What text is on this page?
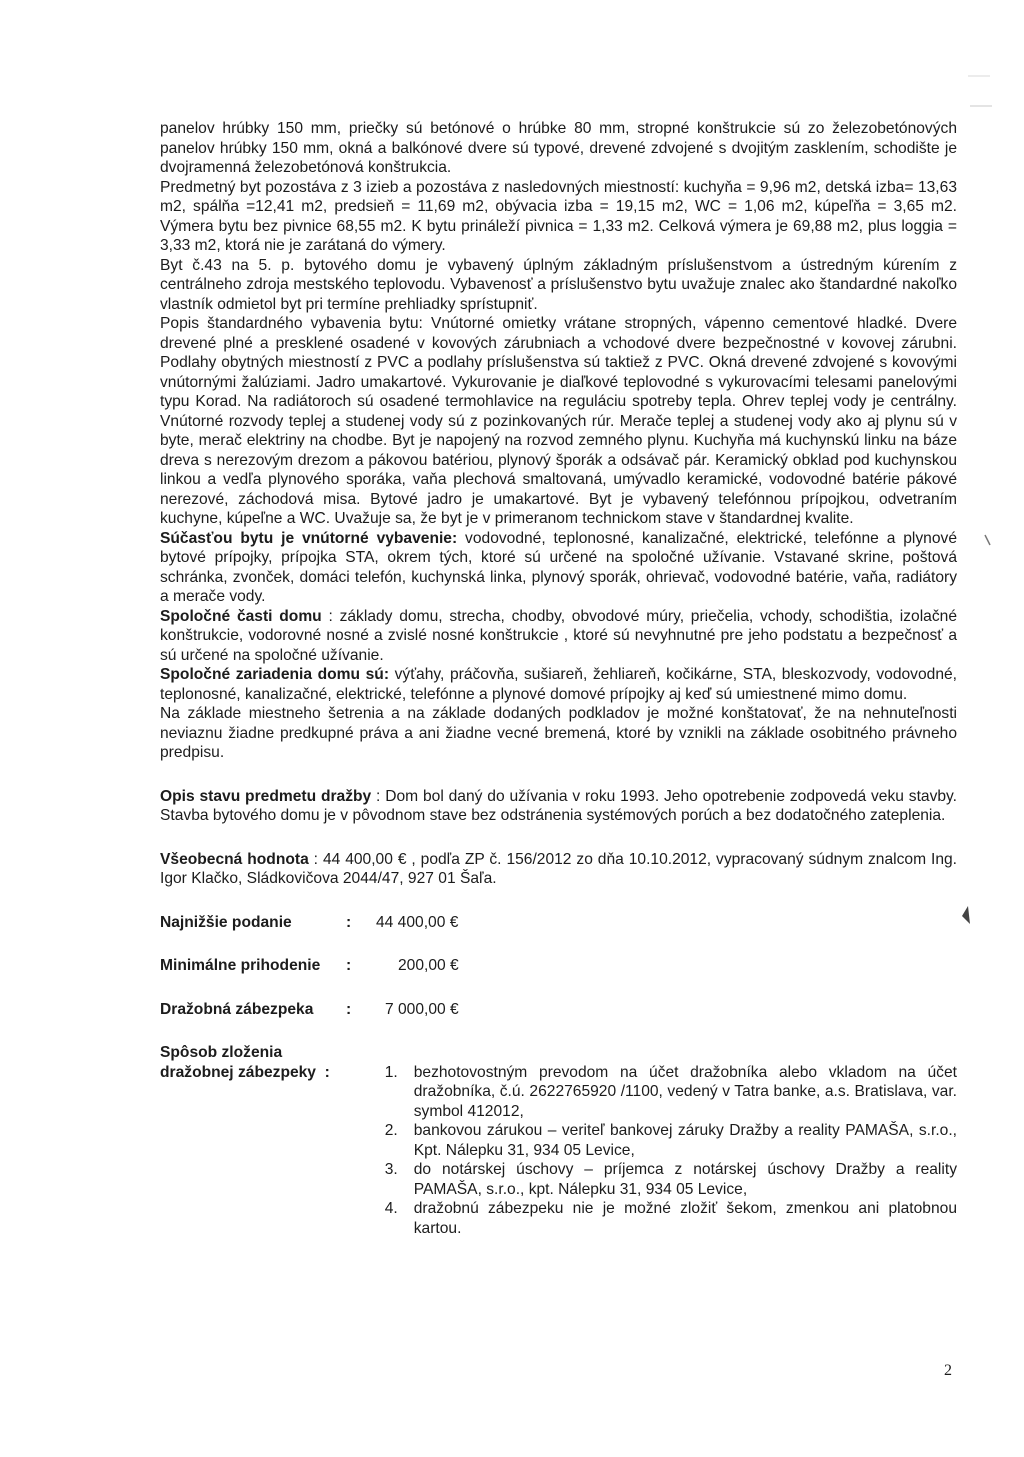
panelov hrúbky 150 mm, priečky sú betónové o hrúbke 80 mm, stropné konštrukcie sú zo železobetónových panelov hrúbky 150 mm, okná a balkónové dvere sú typové, drevené zdvojené s dvojitým zasklením, schodište je dvojramenná železobetónová konštrukcia.

Predmetný byt pozostáva z 3 izieb a pozostáva z nasledovných miestností: kuchyňa = 9,96 m2, detská izba= 13,63 m2, spálňa =12,41 m2, predsieň = 11,69 m2, obývacia izba = 19,15 m2, WC = 1,06 m2, kúpeľňa = 3,65 m2. Výmera bytu bez pivnice 68,55 m2. K bytu prináleží pivnica = 1,33 m2. Celková výmera je 69,88 m2, plus loggia = 3,33 m2, ktorá nie je zarátaná do výmery.

Byt č.43 na 5. p. bytového domu je vybavený úplným základným príslušenstvom a ústredným kúrením z centrálneho zdroja mestského teplovodu. Vybavenosť a príslušenstvo bytu uvažuje znalec ako štandardné nakoľko vlastník odmietol byt pri termíne prehliadky sprístupniť.

Popis štandardného vybavenia bytu: Vnútorné omietky vrátane stropných, vápenno cementové hladké. Dvere drevené plné a presklené osadené v kovových zárubniach a vchodové dvere bezpečnostné v kovovej zárubni. Podlahy obytných miestností z PVC a podlahy príslušenstva sú taktiež z PVC. Okná drevené zdvojené s kovovými vnútornými žalúziami. Jadro umakartové. Vykurovanie je diaľkové teplovodné s vykurovacími telesami panelovými typu Korad. Na radiátoroch sú osadené termohlavice na reguláciu spotreby tepla. Ohrev teplej vody je centrálny. Vnútorné rozvody teplej a studenej vody sú z pozinkovaných rúr. Merače teplej a studenej vody ako aj plynu sú v byte, merač elektriny na chodbe. Byt je napojený na rozvod zemného plynu. Kuchyňa má kuchynskú linku na báze dreva s nerezovým drezom a pákovou batériou, plynový šporák a odsávač pár. Keramický obklad pod kuchynskou linkou a vedľa plynového sporáka, vaňa plechová smaltovaná, umývadlo keramické, vodovodné batérie pákové nerezové, záchodová misa. Bytové jadro je umakartové. Byt je vybavený telefónnou prípojkou, odvetraním kuchyne, kúpeľne a WC. Uvažuje sa, že byt je v primeranom technickom stave v štandardnej kvalite.

Súčasťou bytu je vnútorné vybavenie: vodovodné, teplonosné, kanalizačné, elektrické, telefónne a plynové bytové prípojky, prípojka STA, okrem tých, ktoré sú určené na spoločné užívanie. Vstavané skrine, poštová schránka, zvonček, domáci telefón, kuchynská linka, plynový sporák, ohrievač, vodovodné batérie, vaňa, radiátory a merače vody.

Spoločné časti domu : základy domu, strecha, chodby, obvodové múry, priečelia, vchody, schodištia, izolačné konštrukcie, vodorovné nosné a zvislé nosné konštrukcie , ktoré sú nevyhnutné pre jeho podstatu a bezpečnosť a sú určené na spoločné užívanie.

Spoločné zariadenia domu sú: výťahy, práčovňa, sušiareň, žehliareň, kočikárne, STA, bleskozvody, vodovodné, teplonosné, kanalizačné, elektrické, telefónne a plynové domové prípojky aj keď sú umiestnené mimo domu.

Na základe miestneho šetrenia a na základe dodaných podkladov je možné konštatovať, že na nehnuteľnosti neviaznu žiadne predkupné práva a ani žiadne vecné bremená, ktoré by vznikli na základe osobitného právneho predpisu.

Opis stavu predmetu dražby : Dom bol daný do užívania v roku 1993. Jeho opotrebenie zodpovedá veku stavby. Stavba bytového domu je v pôvodnom stave bez odstránenia systémových porúch a bez dodatočného zateplenia.

Všeobecná hodnota : 44 400,00 € , podľa ZP č. 156/2012 zo dňa 10.10.2012, vypracovaný súdnym znalcom Ing. Igor Klačko, Sládkovičova 2044/47, 927 01 Šaľa.

Najnižšie podanie	:	44 400,00 €
Minimálne prihodenie	:	200,00 €
Dražobná zábezpeka	:	7 000,00 €
Spôsob zloženia
dražobnej zábezpeky :	1.	bezhotovostným prevodom na účet dražobníka alebo vkladom na účet dražobníka, č.ú. 2622765920 /1100, vedený v Tatra banke, a.s. Bratislava, var. symbol 412012,
2.	bankovou zárukou – veriteľ bankovej záruky Dražby a reality PAMAŠA, s.r.o., Kpt. Nálepku 31, 934 05 Levice,
3.	do notárskej úschovy – príjemca z notárskej úschovy Dražby a reality PAMAŠA, s.r.o., kpt. Nálepku 31, 934 05 Levice,
4.	dražobnú zábezpeku nie je možné zložiť šekom, zmenkou ani platobnou kartou.
2
